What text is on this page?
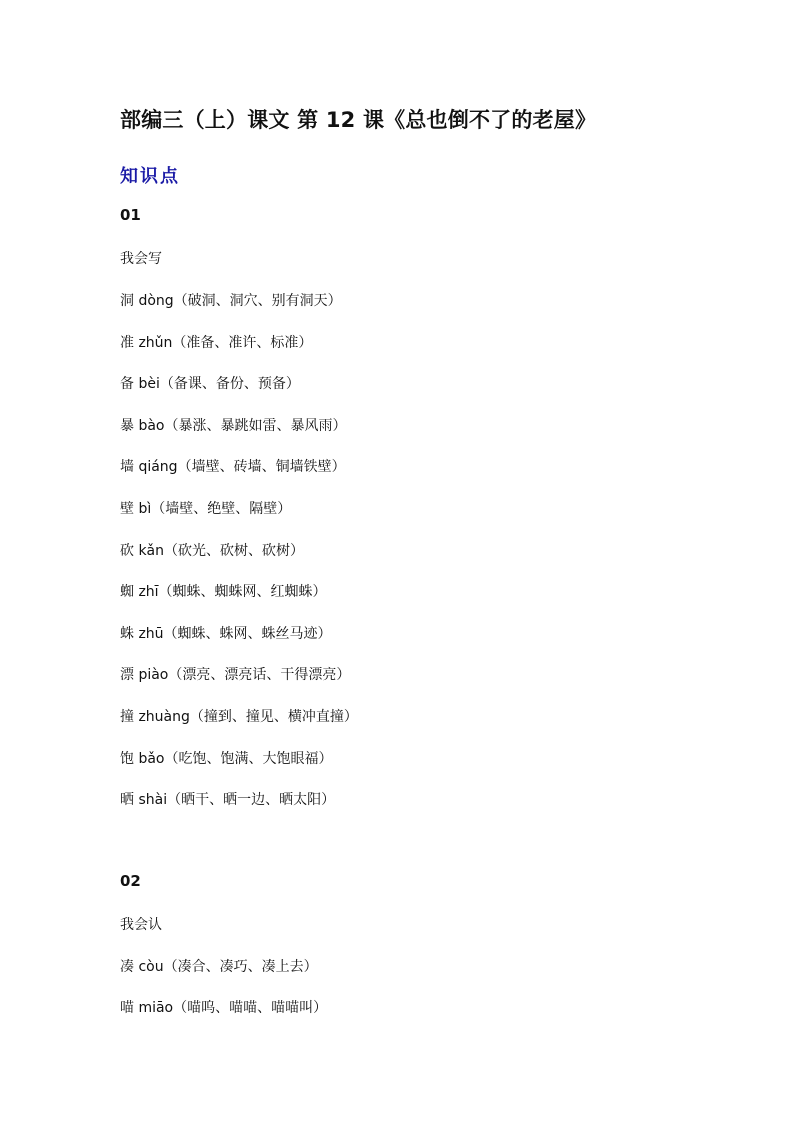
部编三（上）课文 第 12 课《总也倒不了的老屋》
知识点
01
我会写
洞 dòng（破洞、洞穴、别有洞天）
准 zhǔn（准备、准许、标准）
备 bèi（备课、备份、预备）
暴 bào（暴涨、暴跳如雷、暴风雨）
墙 qiáng（墙壁、砖墙、铜墙铁壁）
壁 bì（墙壁、绝壁、隔壁）
砍 kǎn（砍光、砍树、砍树）
蜘 zhī（蜘蛛、蜘蛛网、红蜘蛛）
蛛 zhū（蜘蛛、蛛网、蛛丝马迹）
漂 piào（漂亮、漂亮话、干得漂亮）
撞 zhuàng（撞到、撞见、横冲直撞）
饱 bǎo（吃饱、饱满、大饱眼福）
晒 shài（晒干、晒一边、晒太阳）
02
我会认
凑 còu（凑合、凑巧、凑上去）
喵 miāo（喵呜、喵喵、喵喵叫）
